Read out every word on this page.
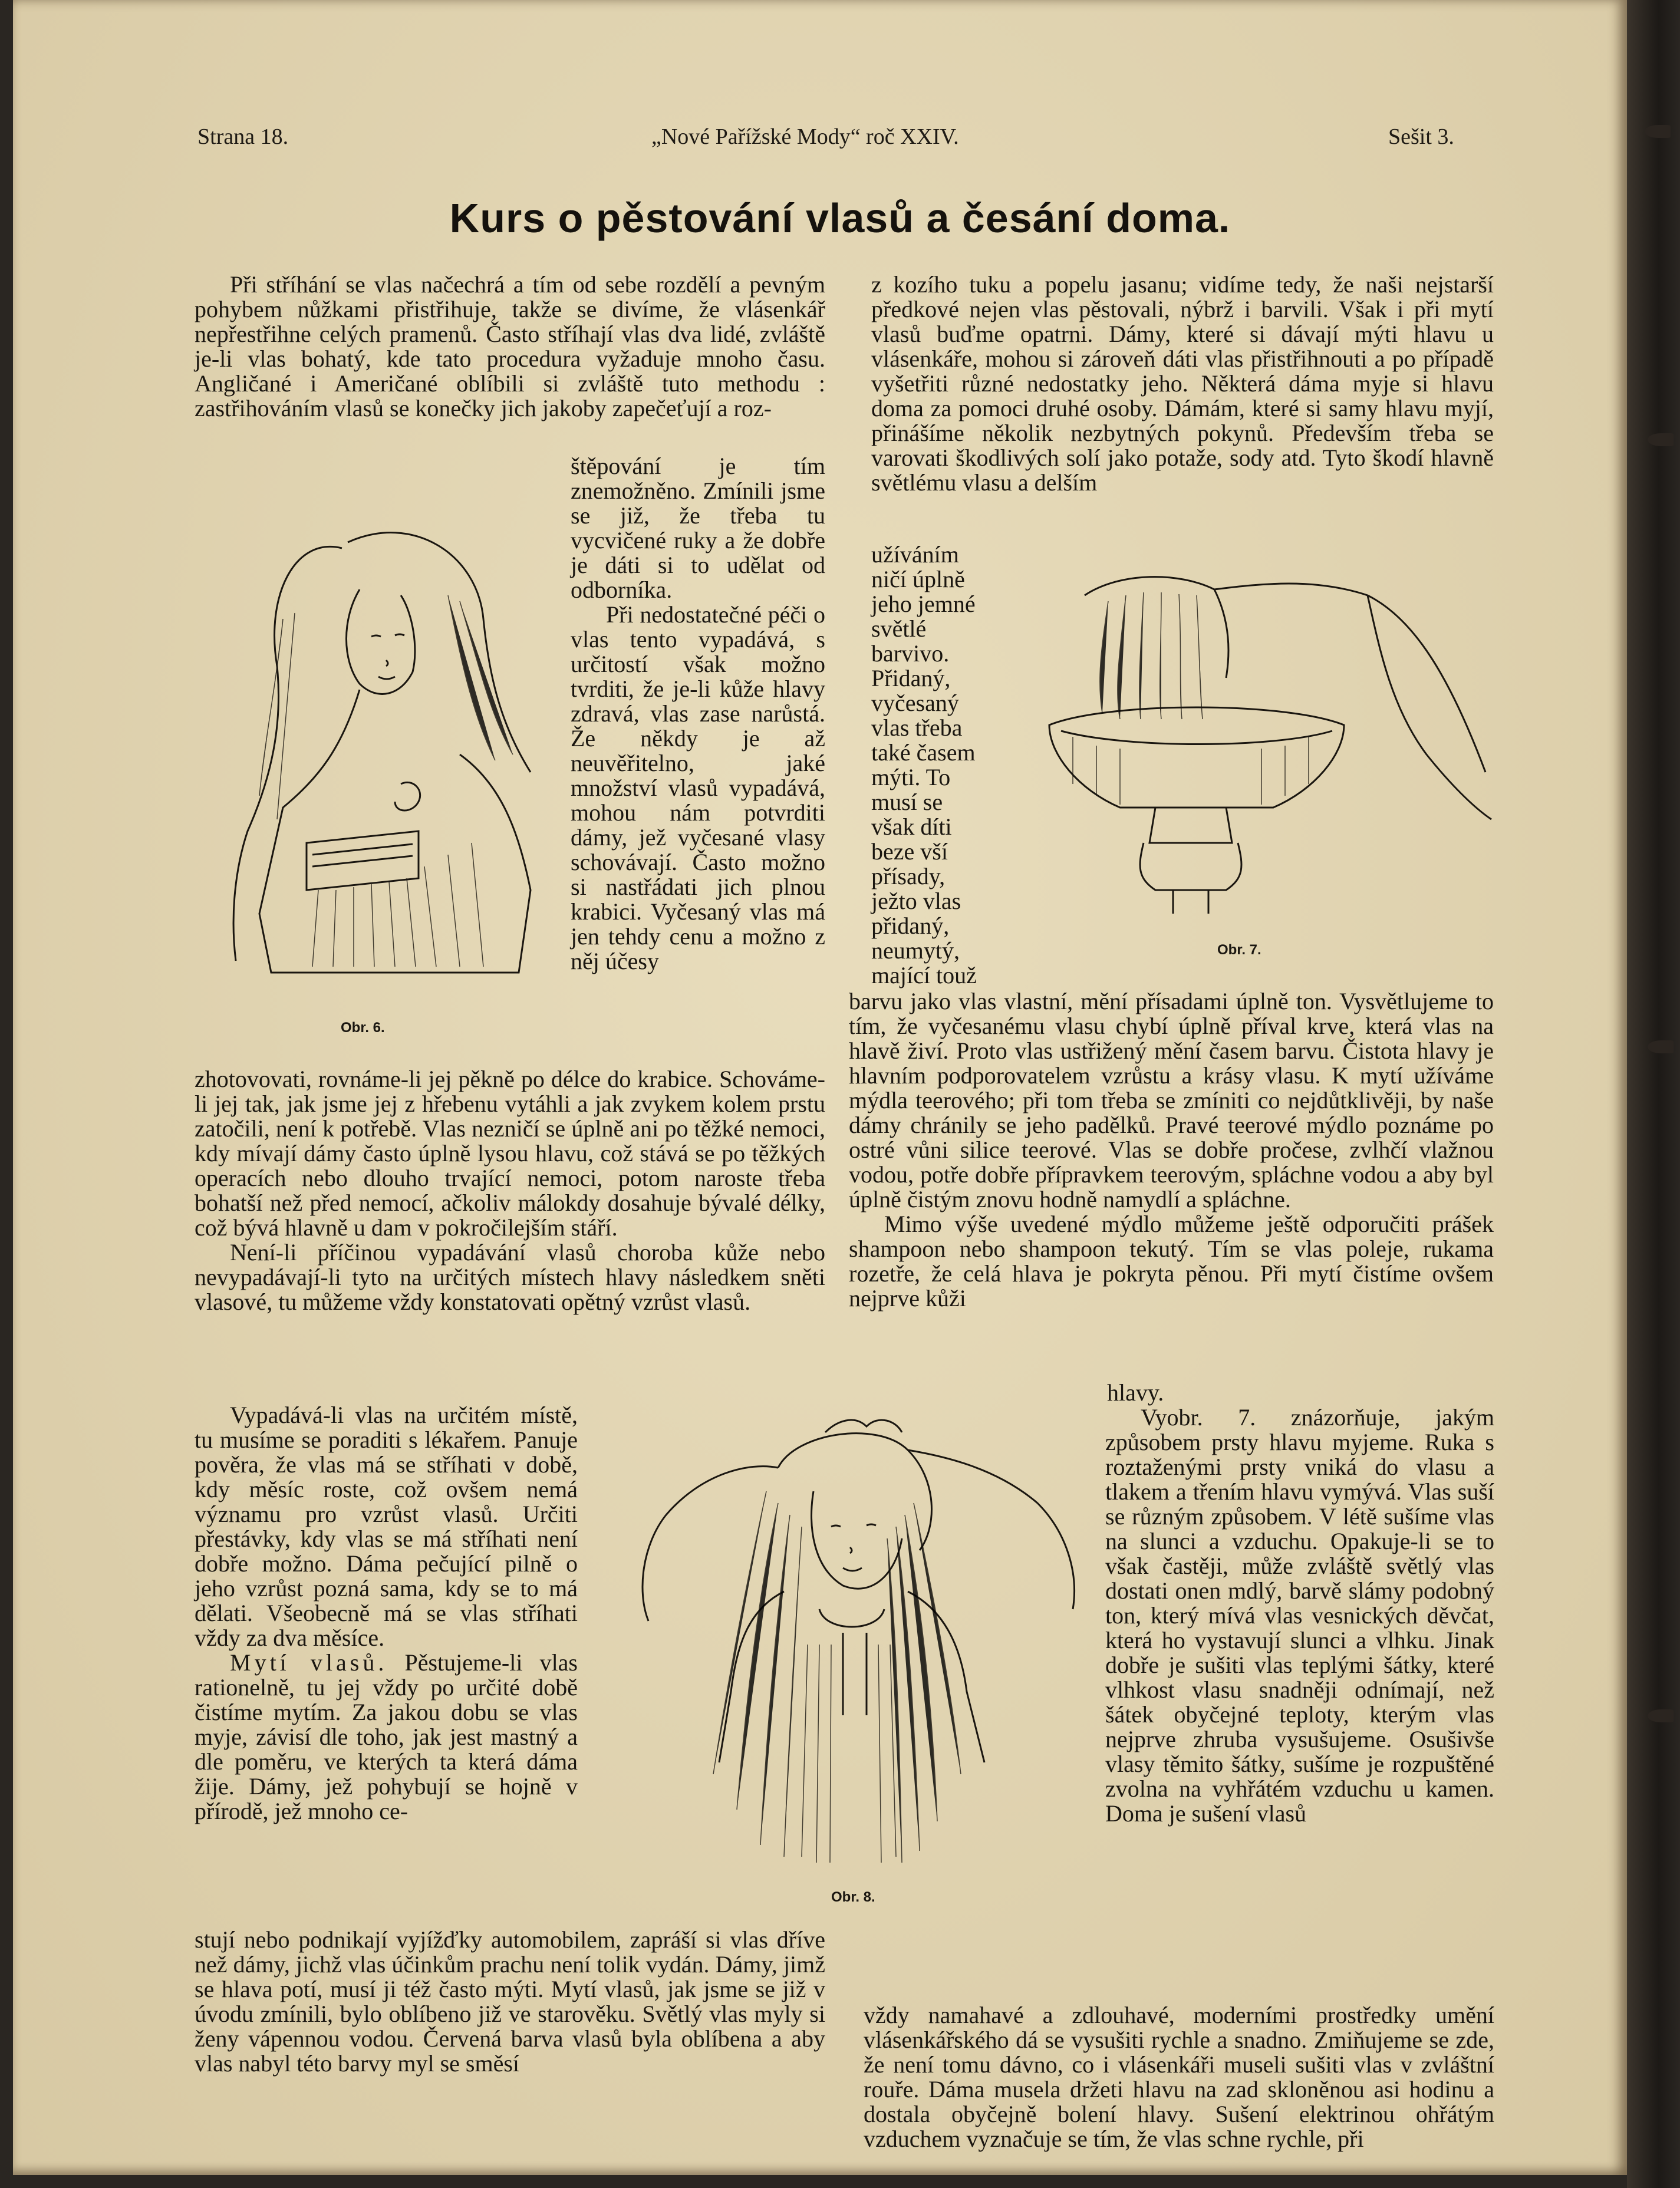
Strana 18.	„Nové Pařížské Mody“ roč XXIV.	Sešit 3.
Kurs o pěstování vlasů a česání doma.

Při stříhání se vlas načechrá a tím od sebe rozdělí a pevným pohybem nůžkami přistřihuje, takže se divíme, že vlásenkář nepřestřihne celých pramenů. Často stříhají vlas dva lidé, zvláště je-li vlas bohatý, kde tato procedura vyžaduje mnoho času. Angličané i Američané oblíbili si zvláště tuto methodu : zastřihováním vlasů se konečky jich jakoby zapečeťují a roz-

štěpování je tím znemožněno. Zmínili jsme se již, že třeba tu vycvičené ruky a že dobře je dáti si to udělat od odborníka.

Při nedostatečné péči o vlas tento vypadává, s určitostí však možno tvrditi, že je-li kůže hlavy zdravá, vlas zase narůstá. Že někdy je až neuvěřitelno, jaké množství vlasů vypadává, mohou nám potvrditi dámy, jež vyčesané vlasy schovávají. Často možno si nastřádati jich plnou krabici. Vyčesaný vlas má jen tehdy cenu a možno z něj účesy

Obr. 6.

zhotovovati, rovnáme-li jej pěkně po délce do krabice. Schováme-li jej tak, jak jsme jej z hřebenu vytáhli a jak zvykem kolem prstu zatočili, není k potřebě. Vlas nezničí se úplně ani po těžké nemoci, kdy mívají dámy často úplně lysou hlavu, což stává se po těžkých operacích nebo dlouho trvající nemoci, potom naroste třeba bohatší než před nemocí, ačkoliv málokdy dosahuje bývalé délky, což bývá hlavně u dam v pokročilejším stáří.

Není-li příčinou vypadávání vlasů choroba kůže nebo nevypadávají-li tyto na určitých místech hlavy následkem sněti vlasové, tu můžeme vždy konstatovati opětný vzrůst vlasů.

Vypadává-li vlas na určitém místě, tu musíme se poraditi s lékařem. Panuje pověra, že vlas má se stříhati v době, kdy měsíc roste, což ovšem nemá významu pro vzrůst vlasů. Určiti přestávky, kdy vlas se má stříhati není dobře možno. Dáma pečující pilně o jeho vzrůst pozná sama, kdy se to má dělati. Všeobecně má se vlas stříhati vždy za dva měsíce.

Mytí vlasů. Pěstujeme-li vlas rationelně, tu jej vždy po určité době čistíme mytím. Za jakou dobu se vlas myje, závisí dle toho, jak jest mastný a dle poměru, ve kterých ta která dáma žije. Dámy, jež pohybují se hojně v přírodě, jež mnoho ce-

stují nebo podnikají vyjížďky automobilem, zapráší si vlas dříve než dámy, jichž vlas účinkům prachu není tolik vydán. Dámy, jimž se hlava potí, musí ji též často mýti. Mytí vlasů, jak jsme se již v úvodu zmínili, bylo oblíbeno již ve starověku. Světlý vlas myly si ženy vápennou vodou. Červená barva vlasů byla oblíbena a aby vlas nabyl této barvy myl se směsí

z kozího tuku a popelu jasanu; vidíme tedy, že naši nejstarší předkové nejen vlas pěstovali, nýbrž i barvili. Však i při mytí vlasů buďme opatrni. Dámy, které si dávají mýti hlavu u vlásenkáře, mohou si zároveň dáti vlas přistřihnouti a po případě vyšetřiti různé nedostatky jeho. Některá dáma myje si hlavu doma za pomoci druhé osoby. Dámám, které si samy hlavu myjí, přinášíme několik nezbytných pokynů. Především třeba se varovati škodlivých solí jako potaže, sody atd. Tyto škodí hlavně světlému vlasu a delším

užíváním ničí úplně jeho jemné světlé barvivo. Přidaný, vyčesaný vlas třeba také časem mýti. To musí se však díti beze vší přísady, ježto vlas přidaný, neumytý, mající touž

Obr. 7.

barvu jako vlas vlastní, mění přísadami úplně ton. Vysvětlujeme to tím, že vyčesanému vlasu chybí úplně příval krve, která vlas na hlavě živí. Proto vlas ustřižený mění časem barvu. Čistota hlavy je hlavním podporovatelem vzrůstu a krásy vlasu. K mytí užíváme mýdla teerového; při tom třeba se zmíniti co nejdůtklivěji, by naše dámy chránily se jeho padělků. Pravé teerové mýdlo poznáme po ostré vůni silice teerové. Vlas se dobře pročese, zvlhčí vlažnou vodou, potře dobře přípravkem teerovým, spláchne vodou a aby byl úplně čistým znovu hodně namydlí a spláchne.

Mimo výše uvedené mýdlo můžeme ještě odporučiti prášek shampoon nebo shampoon tekutý. Tím se vlas poleje, rukama rozetře, že celá hlava je pokryta pěnou. Při mytí čistíme ovšem nejprve kůži

hlavy.

Vyobr. 7. znázorňuje, jakým způsobem prsty hlavu myjeme. Ruka s roztaženými prsty vniká do vlasu a tlakem a třením hlavu vymývá. Vlas suší se různým způsobem. V létě sušíme vlas na slunci a vzduchu. Opakuje-li se to však častěji, může zvláště světlý vlas dostati onen mdlý, barvě slámy podobný ton, který mívá vlas vesnických děvčat, která ho vystavují slunci a vlhku. Jinak dobře je sušiti vlas teplými šátky, které vlhkost vlasu snadněji odnímají, než šátek obyčejné teploty, kterým vlas nejprve zhruba vysušujeme. Osušivše vlasy těmito šátky, sušíme je rozpuštěné zvolna na vyhřátém vzduchu u kamen. Doma je sušení vlasů

Obr. 8.

vždy namahavé a zdlouhavé, moderními prostředky umění vlásenkářského dá se vysušiti rychle a snadno. Zmiňujeme se zde, že není tomu dávno, co i vlásenkáři museli sušiti vlas v zvláštní rouře. Dáma musela držeti hlavu na zad skloněnou asi hodinu a dostala obyčejně bolení hlavy. Sušení elektrinou ohřátým vzduchem vyznačuje se tím, že vlas schne rychle, při
